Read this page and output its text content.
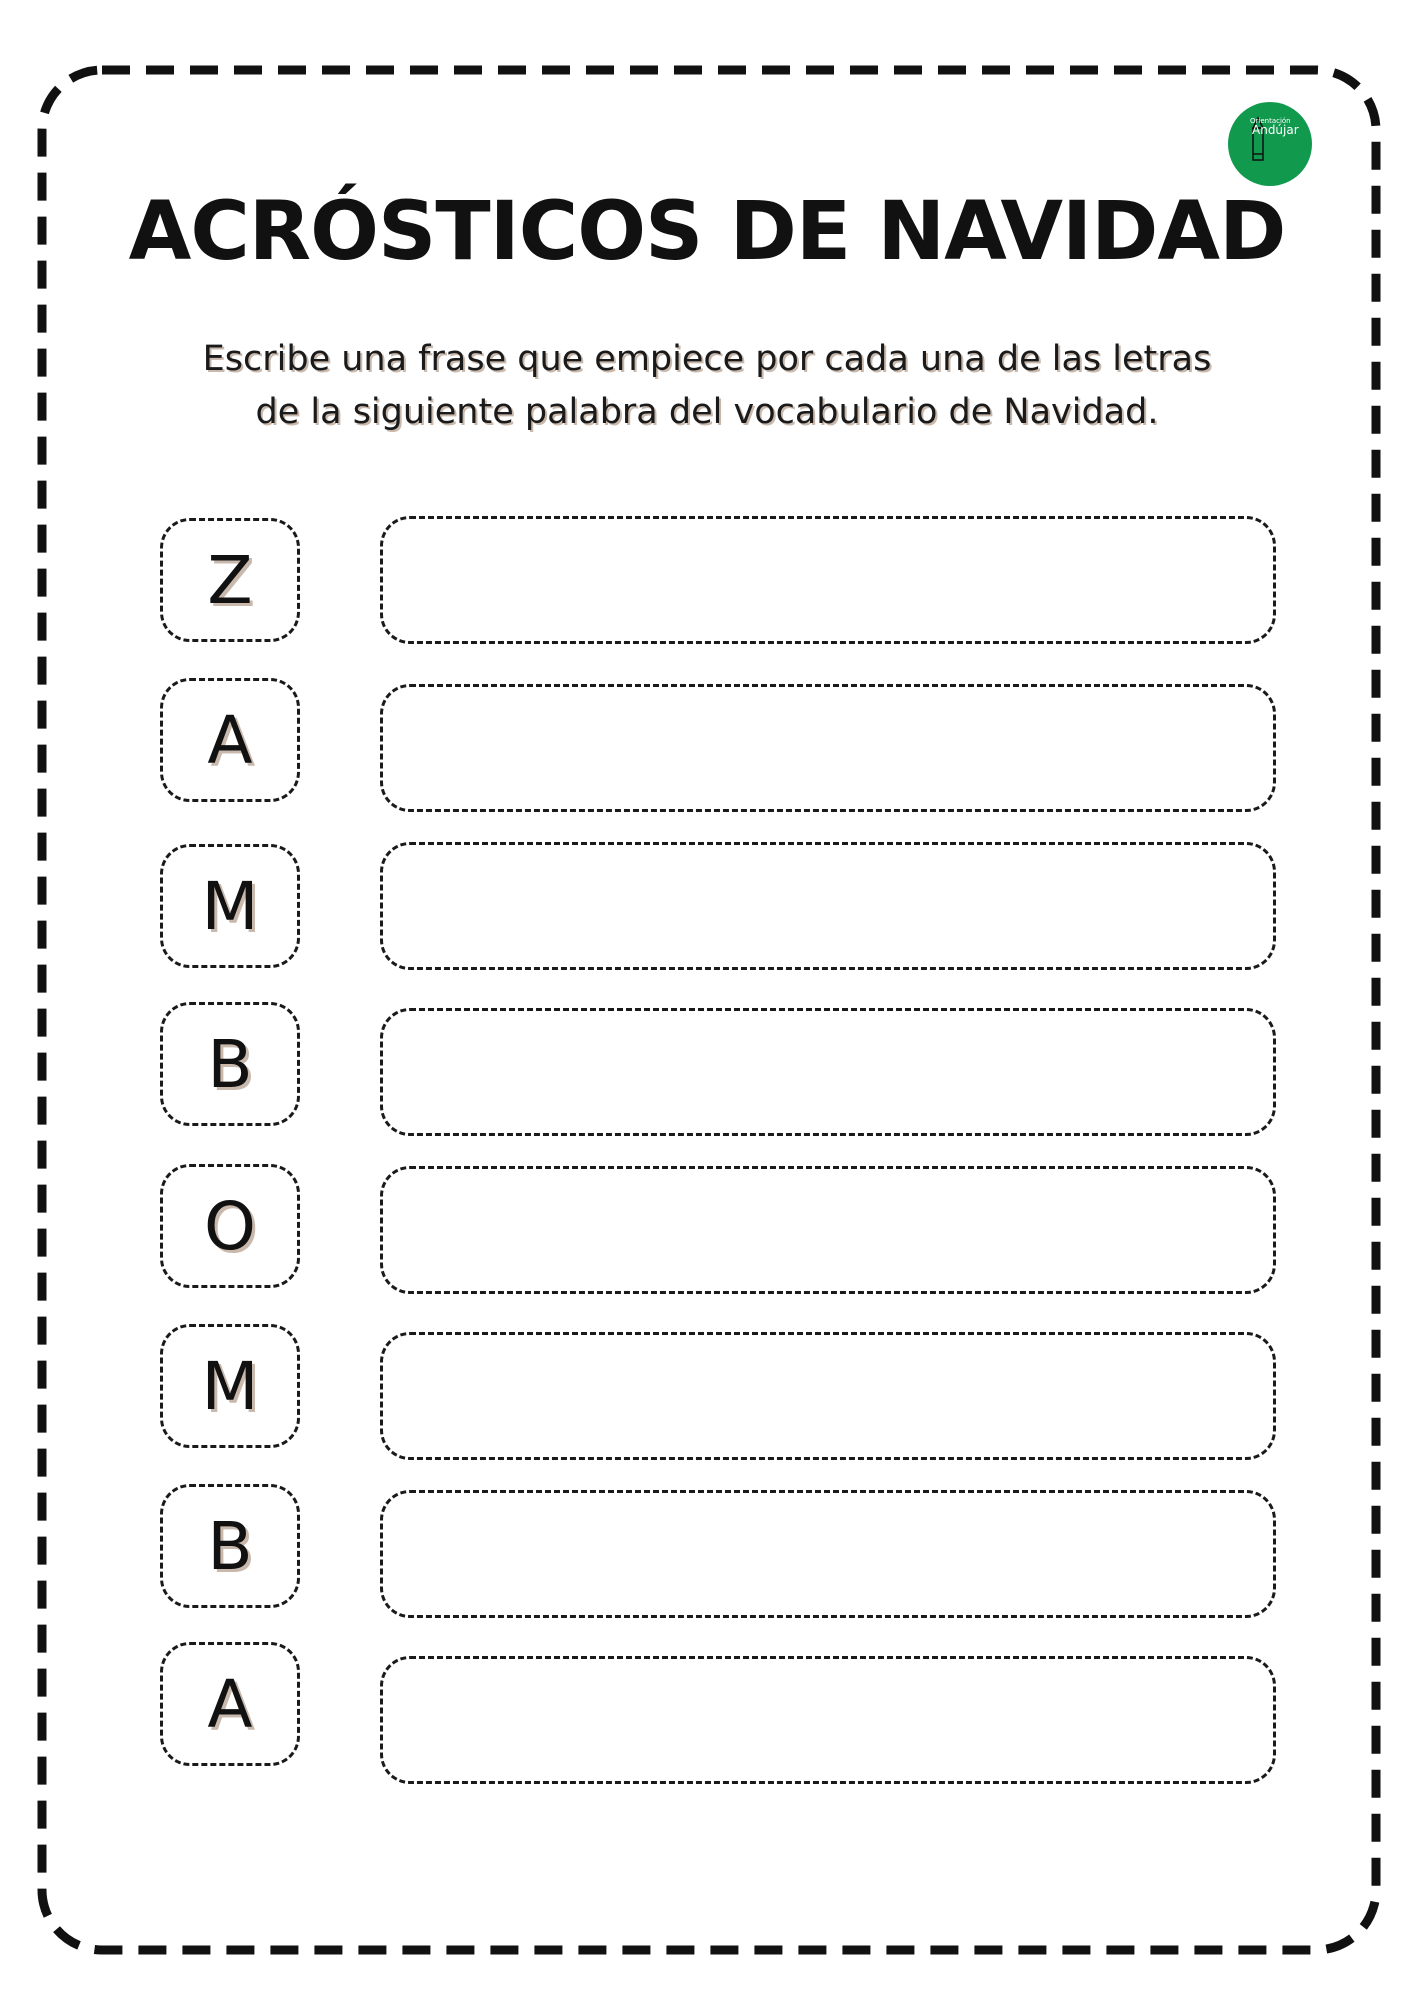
Orientación
Andújar
ACRÓSTICOS DE NAVIDAD
Escribe una frase que empiece por cada una de las letras
de la siguiente palabra del vocabulario de Navidad.
Z
A
M
B
O
M
B
A
